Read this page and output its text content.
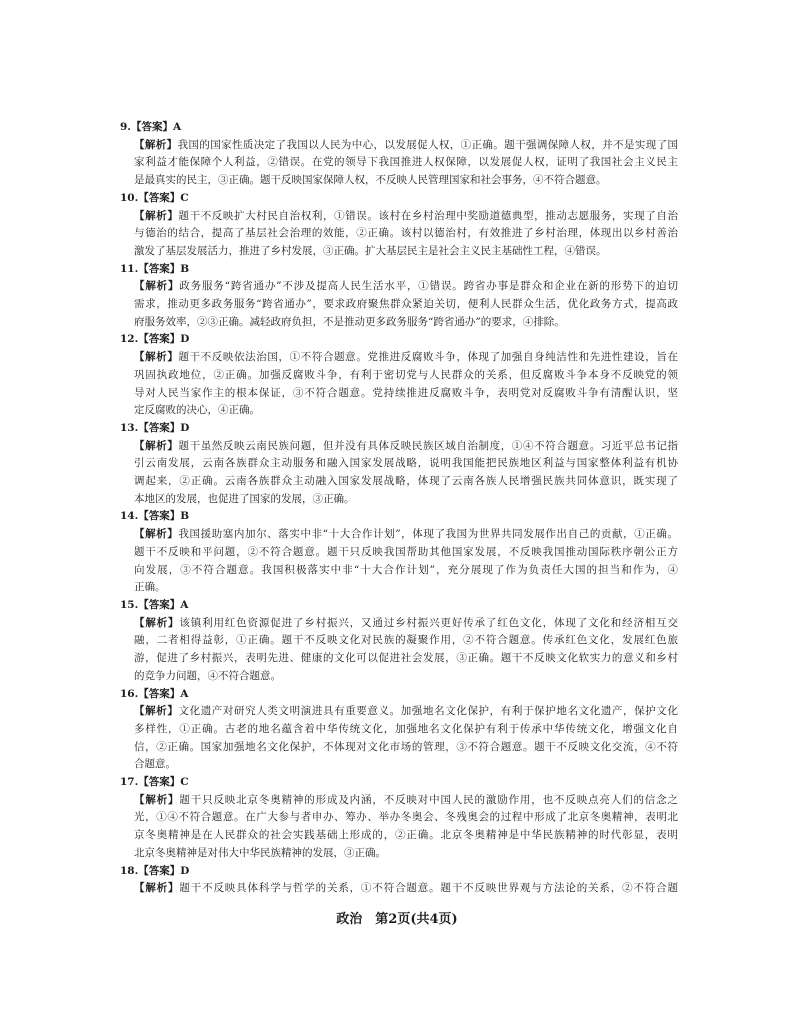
9.【答案】A
【解析】我国的国家性质决定了我国以人民为中心，以发展促人权，①正确。题干强调保障人权，并不是实现了国
家利益才能保障个人利益，②错误。在党的领导下我国推进人权保障，以发展促人权，证明了我国社会主义民主
是最真实的民主，③正确。题干反映国家保障人权，不反映人民管理国家和社会事务，④不符合题意。
10.【答案】C
【解析】题干不反映扩大村民自治权利，①错误。该村在乡村治理中奖励道德典型，推动志愿服务，实现了自治
与德治的结合，提高了基层社会治理的效能，②正确。该村以德治村，有效推进了乡村治理，体现出以乡村善治
激发了基层发展活力，推进了乡村发展，③正确。扩大基层民主是社会主义民主基础性工程，④错误。
11.【答案】B
【解析】政务服务“跨省通办”不涉及提高人民生活水平，①错误。跨省办事是群众和企业在新的形势下的迫切
需求，推动更多政务服务“跨省通办”，要求政府聚焦群众紧迫关切，便利人民群众生活，优化政务方式，提高政
府服务效率，②③正确。减轻政府负担，不是推动更多政务服务“跨省通办”的要求，④排除。
12.【答案】D
【解析】题干不反映依法治国，①不符合题意。党推进反腐败斗争，体现了加强自身纯洁性和先进性建设，旨在
巩固执政地位，②正确。加强反腐败斗争，有利于密切党与人民群众的关系，但反腐败斗争本身不反映党的领
导对人民当家作主的根本保证，③不符合题意。党持续推进反腐败斗争，表明党对反腐败斗争有清醒认识，坚
定反腐败的决心，④正确。
13.【答案】D
【解析】题干虽然反映云南民族问题，但并没有具体反映民族区域自治制度，①④不符合题意。习近平总书记指
引云南发展，云南各族群众主动服务和融入国家发展战略，说明我国能把民族地区利益与国家整体利益有机协
调起来，②正确。云南各族群众主动融入国家发展战略，体现了云南各族人民增强民族共同体意识，既实现了
本地区的发展，也促进了国家的发展，③正确。
14.【答案】B
【解析】我国援助塞内加尔、落实中非“十大合作计划”，体现了我国为世界共同发展作出自己的贡献，①正确。
题干不反映和平问题，②不符合题意。题干只反映我国帮助其他国家发展，不反映我国推动国际秩序朝公正方
向发展，③不符合题意。我国积极落实中非“十大合作计划”，充分展现了作为负责任大国的担当和作为，④
正确。
15.【答案】A
【解析】该镇利用红色资源促进了乡村振兴，又通过乡村振兴更好传承了红色文化，体现了文化和经济相互交
融，二者相得益彰，①正确。题干不反映文化对民族的凝聚作用，②不符合题意。传承红色文化，发展红色旅
游，促进了乡村振兴，表明先进、健康的文化可以促进社会发展，③正确。题干不反映文化软实力的意义和乡村
的竞争力问题，④不符合题意。
16.【答案】A
【解析】文化遗产对研究人类文明演进具有重要意义。加强地名文化保护，有利于保护地名文化遗产，保护文化
多样性，①正确。古老的地名蕴含着中华传统文化，加强地名文化保护有利于传承中华传统文化，增强文化自
信，②正确。国家加强地名文化保护，不体现对文化市场的管理，③不符合题意。题干不反映文化交流，④不符
合题意。
17.【答案】C
【解析】题干只反映北京冬奥精神的形成及内涵，不反映对中国人民的激励作用，也不反映点亮人们的信念之
光，①④不符合题意。在广大参与者申办、筹办、举办冬奥会、冬残奥会的过程中形成了北京冬奥精神，表明北
京冬奥精神是在人民群众的社会实践基础上形成的，②正确。北京冬奥精神是中华民族精神的时代彰显，表明
北京冬奥精神是对伟大中华民族精神的发展，③正确。
18.【答案】D
【解析】题干不反映具体科学与哲学的关系，①不符合题意。题干不反映世界观与方法论的关系，②不符合题
政治 第2页(共4页)
